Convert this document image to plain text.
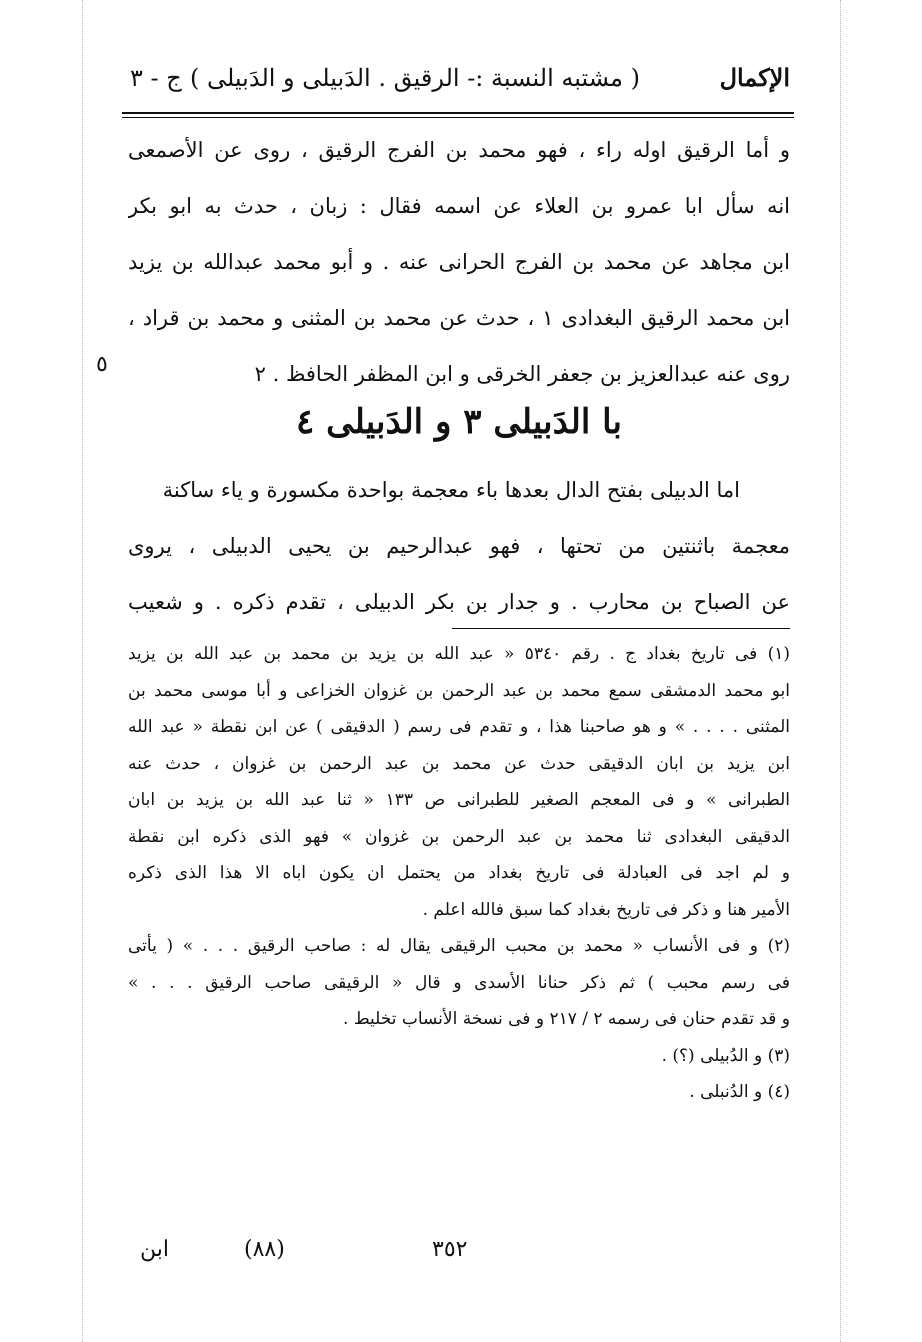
الإكمال
( مشتبه النسبة :- الرقيق . الدَبيلى و الدَبيلى )
ج - ٣
و أما الرقيق اوله راء ، فهو محمد بن الفرج الرقيق ، روى عن الأصمعى
انه سأل ابا عمرو بن العلاء عن اسمه فقال : زبان ، حدث به ابو بكر
ابن مجاهد عن محمد بن الفرج الحرانى عنه . و أبو محمد عبدالله بن يزيد
ابن محمد الرقيق البغدادى ١ ، حدث عن محمد بن المثنى و محمد بن قراد ،
روى عنه عبدالعزيز بن جعفر الخرقى و ابن المظفر الحافظ . ٢
٥
با الدَبيلى ٣ و الدَبيلى ٤
اما الدبيلى بفتح الدال بعدها باء معجمة بواحدة مكسورة و ياء ساكنة
معجمة باثنتين من تحتها ، فهو عبدالرحيم بن يحيى الدبيلى ، يروى
عن الصباح بن محارب . و جدار بن بكر الدبيلى ، تقدم ذكره . و شعيب
(١) فى تاريخ بغداد ج . رقم ٥٣٤٠ « عبد الله بن يزيد بن محمد بن عبد الله بن يزيد
ابو محمد الدمشقى سمع محمد بن عبد الرحمن بن غزوان الخزاعى و أبا موسى محمد بن
المثنى . . . . » و هو صاحبنا هذا ، و تقدم فى رسم ( الدقيقى ) عن ابن نقطة « عبد الله
ابن يزيد بن ابان الدقيقى حدث عن محمد بن عبد الرحمن بن غزوان ، حدث عنه
الطبرانى » و فى المعجم الصغير للطبرانى ص ١٣٣ « ثنا عبد الله بن يزيد بن ابان
الدقيقى البغدادى ثنا محمد بن عبد الرحمن بن غزوان » فهو الذى ذكره ابن نقطة
و لم اجد فى العبادلة فى تاريخ بغداد من يحتمل ان يكون اباه الا هذا الذى ذكره
الأمير هنا و ذكر فى تاريخ بغداد كما سبق فالله اعلم .
(٢) و فى الأنساب « محمد بن محبب الرقيقى يقال له : صاحب الرقيق . . . » ( يأتى
فى رسم محبب ) ثم ذكر حنانا الأسدى و قال « الرقيقى صاحب الرقيق . . . »
و قد تقدم حنان فى رسمه ٢ / ٢١٧ و فى نسخة الأنساب تخليط .
(٣) و الدُبيلى (؟) .
(٤) و الدُنبلى .
ابن	(٨٨)	٣٥٢
